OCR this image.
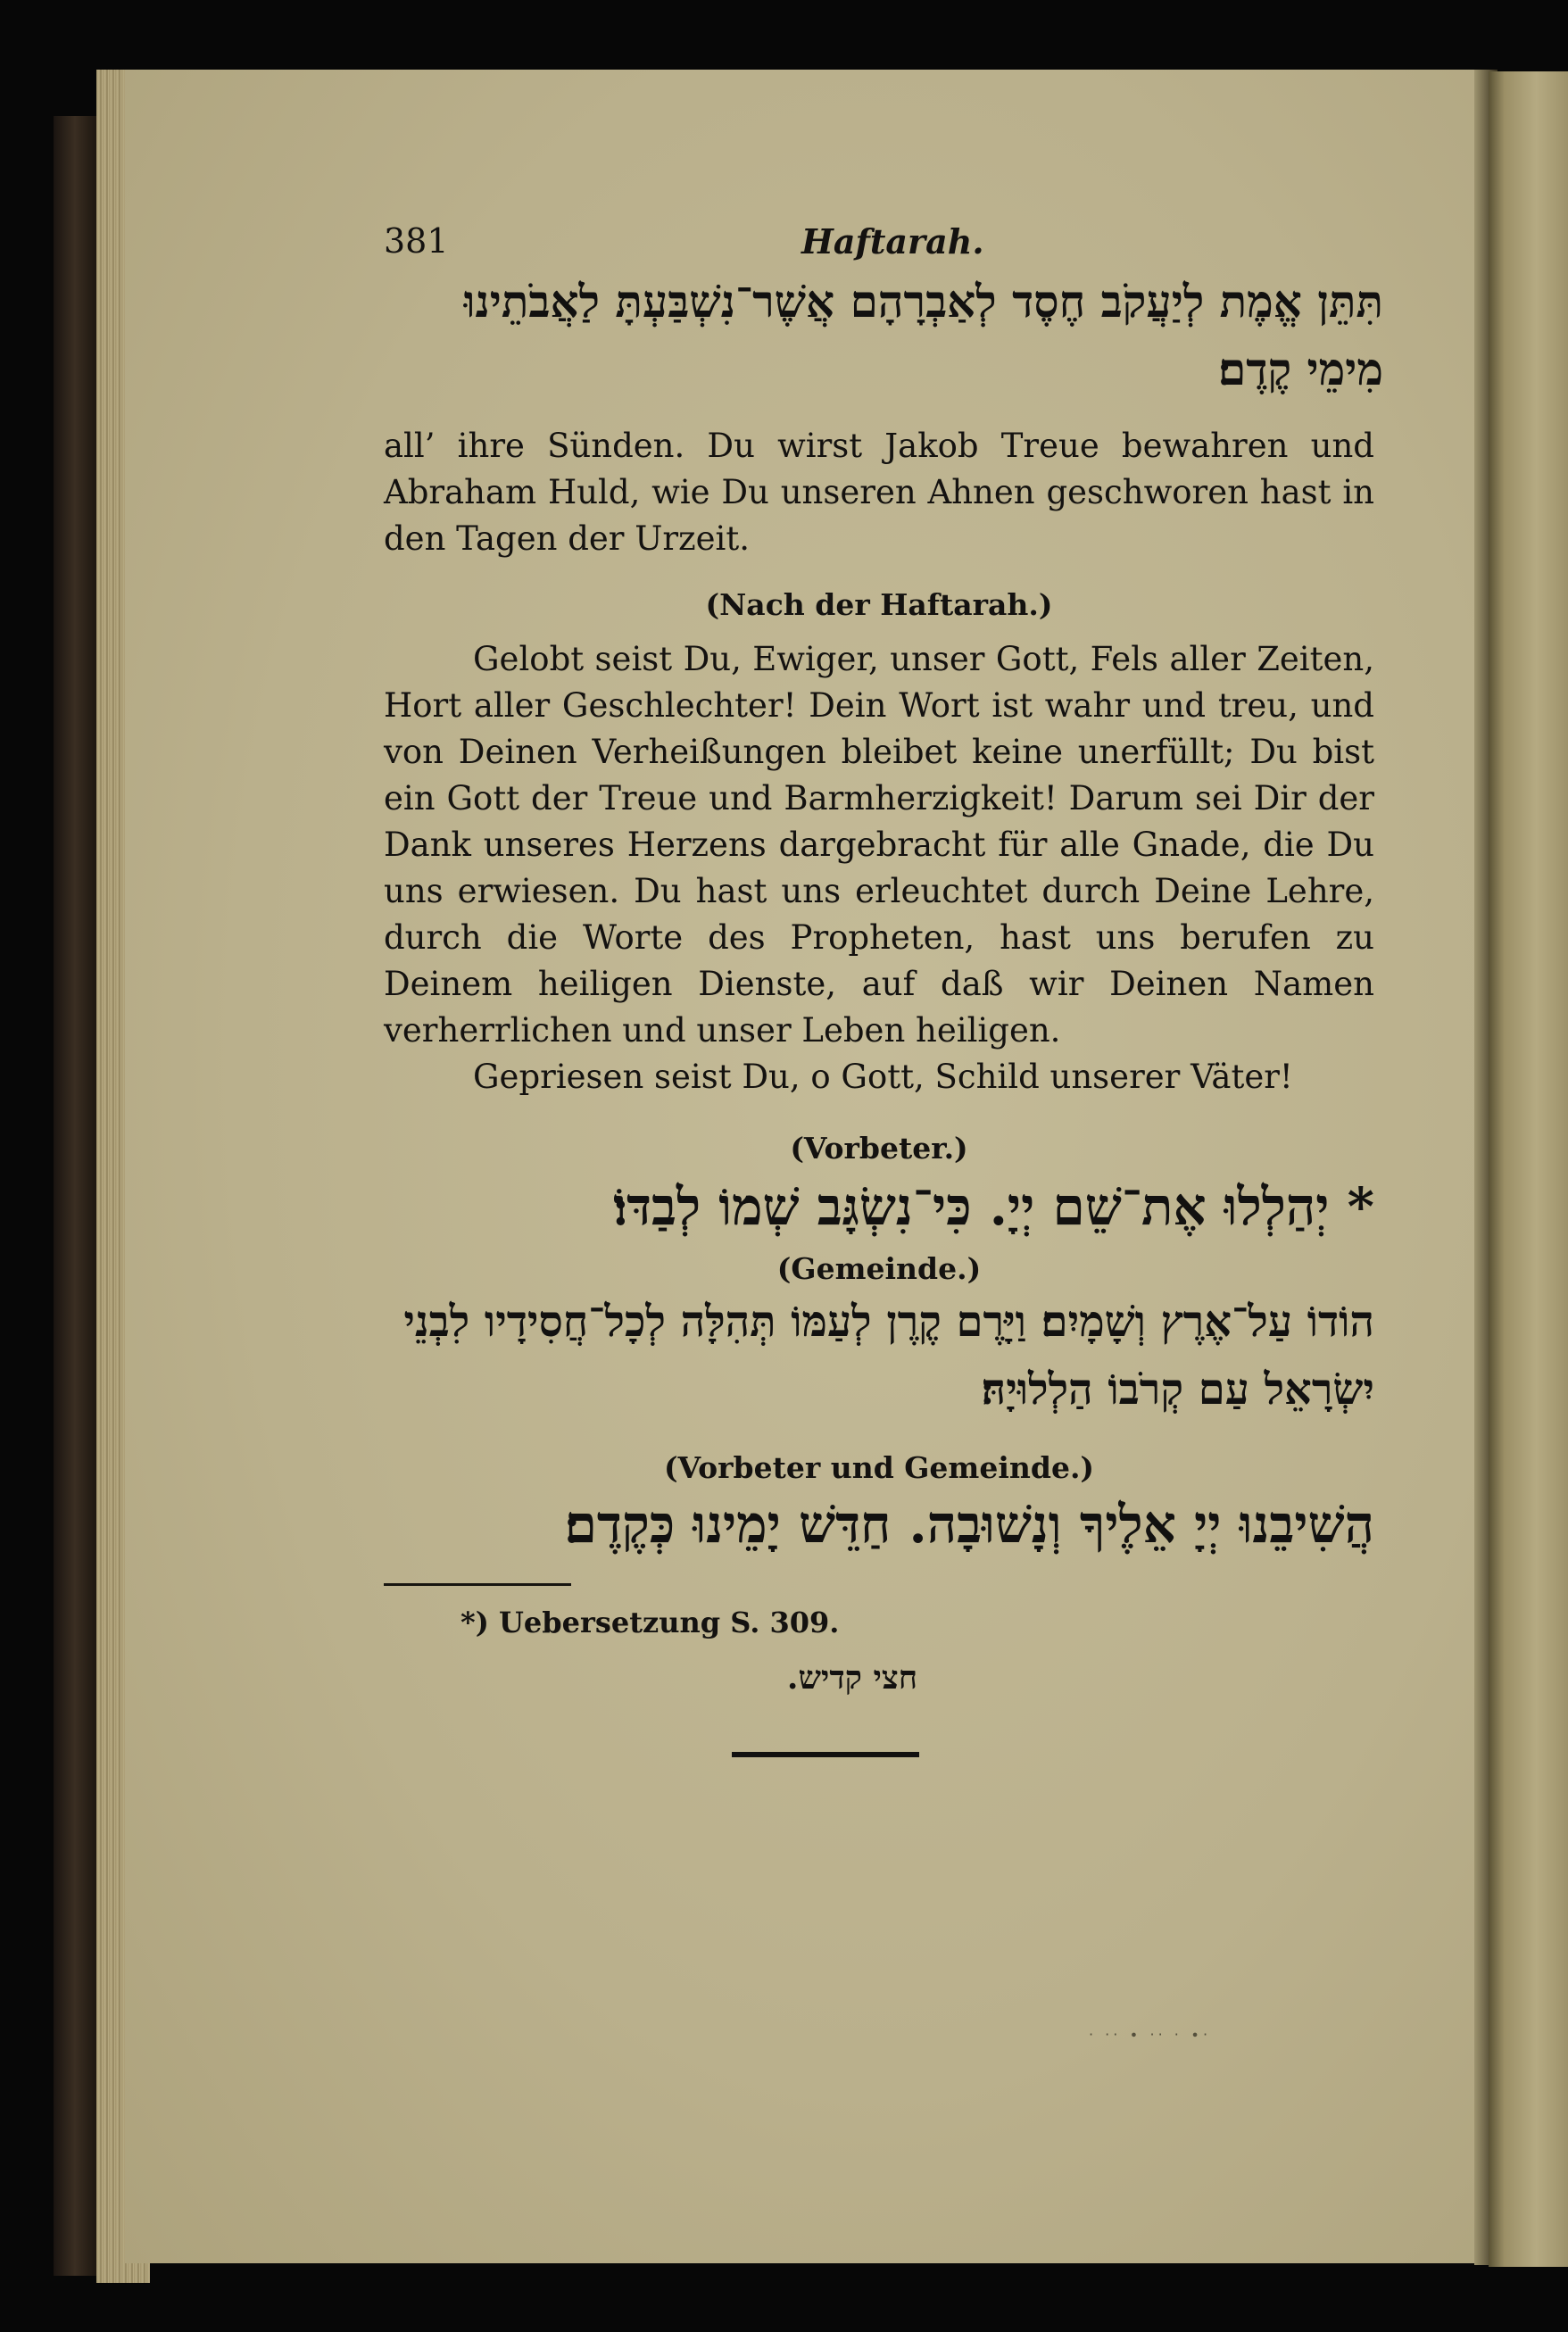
381	Haftarah.
תִּתֵּן אֱמֶת לְיַעֲקֹב חֶסֶד לְאַבְרָהָם אֲשֶׁר־נִשְׁבַּעְתָּ לַאֲבֹתֵינוּ מִימֵי קֶדֶם׃

all’ ihre Sünden. Du wirst Jakob Treue bewahren und Abraham Huld, wie Du unseren Ahnen geschworen hast in den Tagen der Urzeit.

(Nach der Haftarah.)

Gelobt seist Du, Ewiger, unser Gott, Fels aller Zeiten, Hort aller Geschlechter! Dein Wort ist wahr und treu, und von Deinen Verheißungen bleibet keine unerfüllt; Du bist ein Gott der Treue und Barmherzigkeit! Darum sei Dir der Dank unseres Herzens dargebracht für alle Gnade, die Du uns erwiesen. Du hast uns erleuchtet durch Deine Lehre, durch die Worte des Propheten, hast uns berufen zu Deinem heiligen Dienste, auf daß wir Deinen Namen verherrlichen und unser Leben heiligen.

Gepriesen seist Du, o Gott, Schild unserer Väter!

(Vorbeter.)
* יְהַלְלוּ אֶת־שֵׁם יְיָ. כִּי־נִשְׂגָּב שְׁמוֹ לְבַדּוֹ׃
(Gemeinde.)
הוֹדוֹ עַל־אֶרֶץ וְשָׁמָיִם׃ וַיָּרֶם קֶרֶן לְעַמּוֹ תְּהִלָּה לְכָל־חֲסִידָיו לִבְנֵי יִשְׂרָאֵל עַם קְרֹבוֹ הַלְלוּיָהּ׃
(Vorbeter und Gemeinde.)
הֲשִׁיבֵנוּ יְיָ אֵלֶיךָ וְנָשׁוּבָה. חַדֵּשׁ יָמֵינוּ כְּקֶדֶם׃
*) Uebersetzung S. 309.
חצי קדיש.
· ·· ∙ ·· · ∙·
